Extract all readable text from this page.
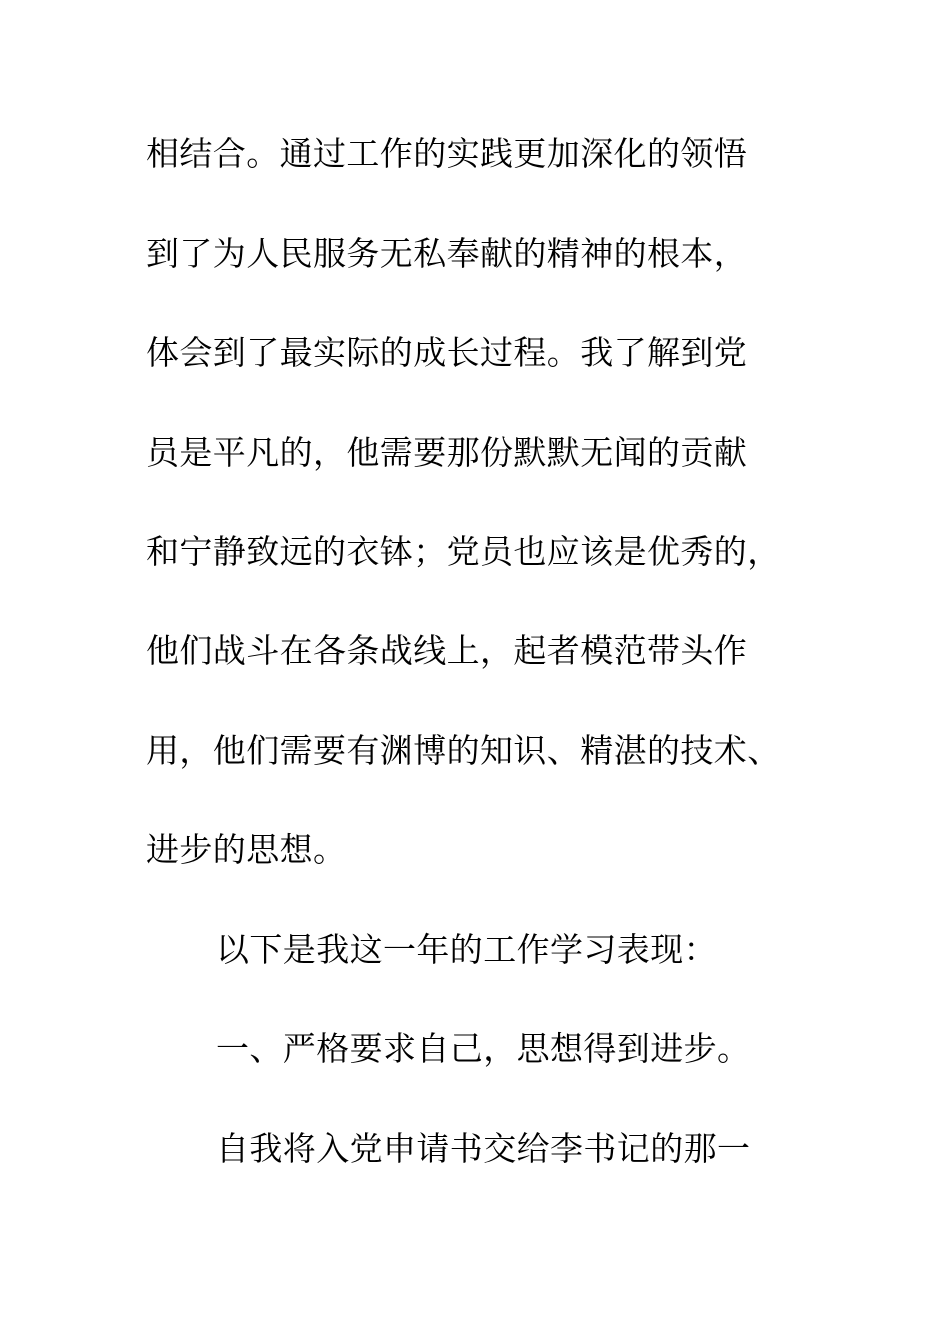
相结合。通过工作的实践更加深化的领悟

到了为人民服务无私奉献的精神的根本，

体会到了最实际的成长过程。我了解到党

员是平凡的，他需要那份默默无闻的贡献

和宁静致远的衣钵；党员也应该是优秀的，

他们战斗在各条战线上，起者模范带头作

用，他们需要有渊博的知识、精湛的技术、

进步的思想。

以下是我这一年的工作学习表现：

一、严格要求自己，思想得到进步。

自我将入党申请书交给李书记的那一
